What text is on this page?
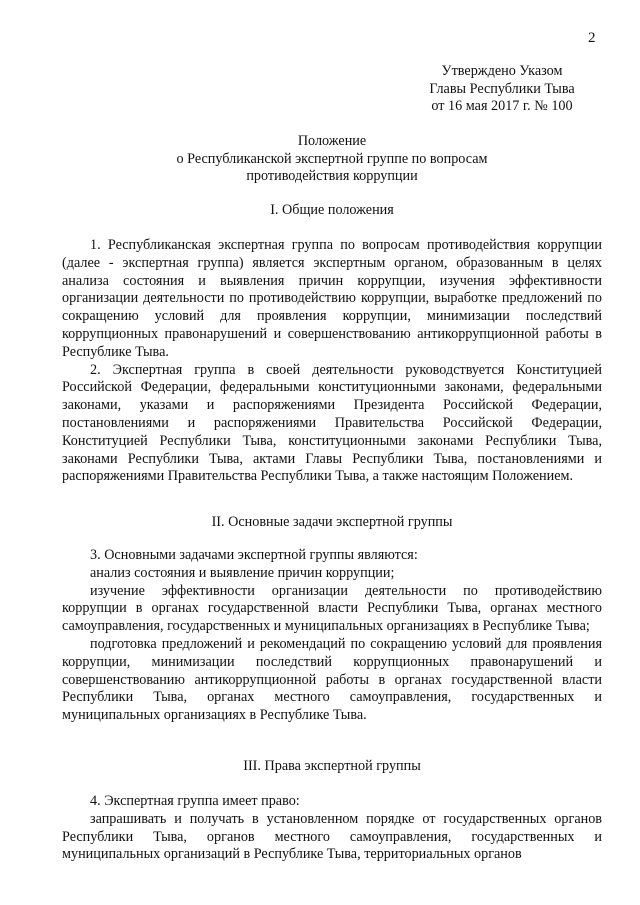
2
Утверждено Указом
Главы Республики Тыва
от 16 мая 2017 г. № 100
Положение
о Республиканской экспертной группе по вопросам
противодействия коррупции
I. Общие положения

1. Республиканская экспертная группа по вопросам противодействия коррупции (далее - экспертная группа) является экспертным органом, образованным в целях анализа состояния и выявления причин коррупции, изучения эффективности организации деятельности по противодействию коррупции, выработке предложений по сокращению условий для проявления коррупции, минимизации последствий коррупционных правонарушений и совершенствованию антикоррупционной работы в Республике Тыва.

2. Экспертная группа в своей деятельности руководствуется Конституцией Российской Федерации, федеральными конституционными законами, федеральными законами, указами и распоряжениями Президента Российской Федерации, постановлениями и распоряжениями Правительства Российской Федерации, Конституцией Республики Тыва, конституционными законами Республики Тыва, законами Республики Тыва, актами Главы Республики Тыва, постановлениями и распоряжениями Правительства Республики Тыва, а также настоящим Положением.

II. Основные задачи экспертной группы

3. Основными задачами экспертной группы являются:

анализ состояния и выявление причин коррупции;

изучение эффективности организации деятельности по противодействию коррупции в органах государственной власти Республики Тыва, органах местного самоуправления, государственных и муниципальных организациях в Республике Тыва;

подготовка предложений и рекомендаций по сокращению условий для проявления коррупции, минимизации последствий коррупционных правонарушений и совершенствованию антикоррупционной работы в органах государственной власти Республики Тыва, органах местного самоуправления, государственных и муниципальных организациях в Республике Тыва.

III. Права экспертной группы

4. Экспертная группа имеет право:

запрашивать и получать в установленном порядке от государственных органов Республики Тыва, органов местного самоуправления, государственных и муниципальных организаций в Республике Тыва, территориальных органов
